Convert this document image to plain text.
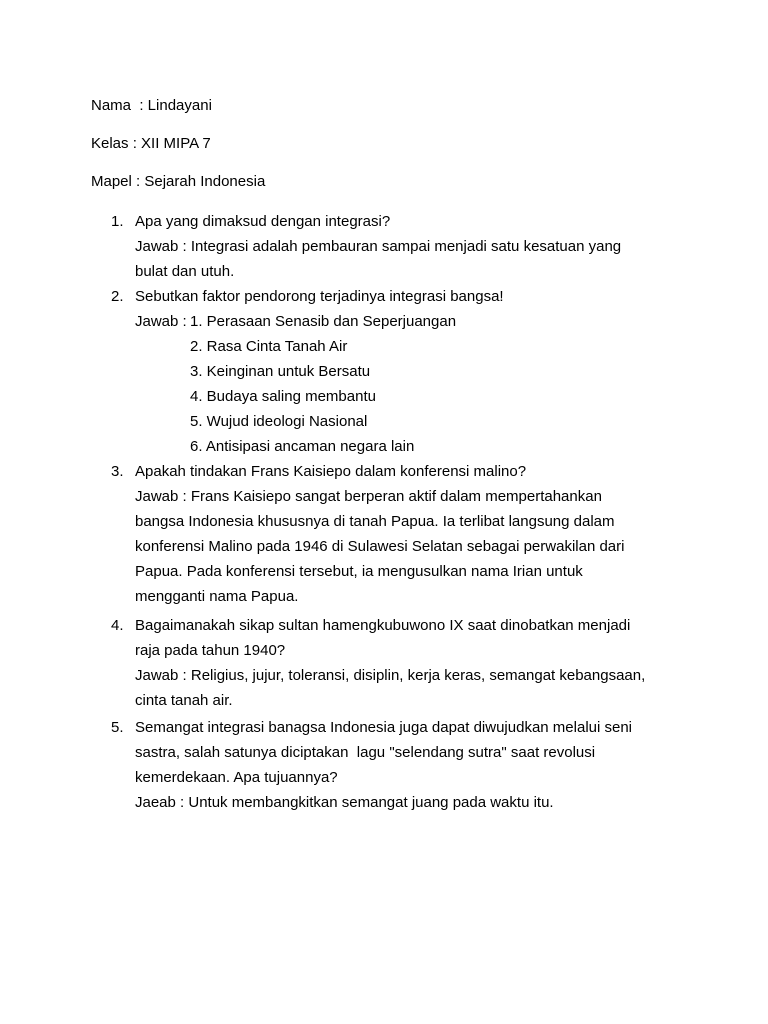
Nama  : Lindayani
Kelas : XII MIPA 7
Mapel : Sejarah Indonesia
1. Apa yang dimaksud dengan integrasi?
Jawab : Integrasi adalah pembauran sampai menjadi satu kesatuan yang
bulat dan utuh.
2. Sebutkan faktor pendorong terjadinya integrasi bangsa!
Jawab : 1. Perasaan Senasib dan Seperjuangan
2. Rasa Cinta Tanah Air
3. Keinginan untuk Bersatu
4. Budaya saling membantu
5. Wujud ideologi Nasional
6. Antisipasi ancaman negara lain
3. Apakah tindakan Frans Kaisiepo dalam konferensi malino?
Jawab : Frans Kaisiepo sangat berperan aktif dalam mempertahankan
bangsa Indonesia khususnya di tanah Papua. Ia terlibat langsung dalam
konferensi Malino pada 1946 di Sulawesi Selatan sebagai perwakilan dari
Papua. Pada konferensi tersebut, ia mengusulkan nama Irian untuk
mengganti nama Papua.
4. Bagaimanakah sikap sultan hamengkubuwono IX saat dinobatkan menjadi
raja pada tahun 1940?
Jawab : Religius, jujur, toleransi, disiplin, kerja keras, semangat kebangsaan,
cinta tanah air.
5. Semangat integrasi banagsa Indonesia juga dapat diwujudkan melalui seni
sastra, salah satunya diciptakan  lagu "selendang sutra" saat revolusi
kemerdekaan. Apa tujuannya?
Jaeab : Untuk membangkitkan semangat juang pada waktu itu.
